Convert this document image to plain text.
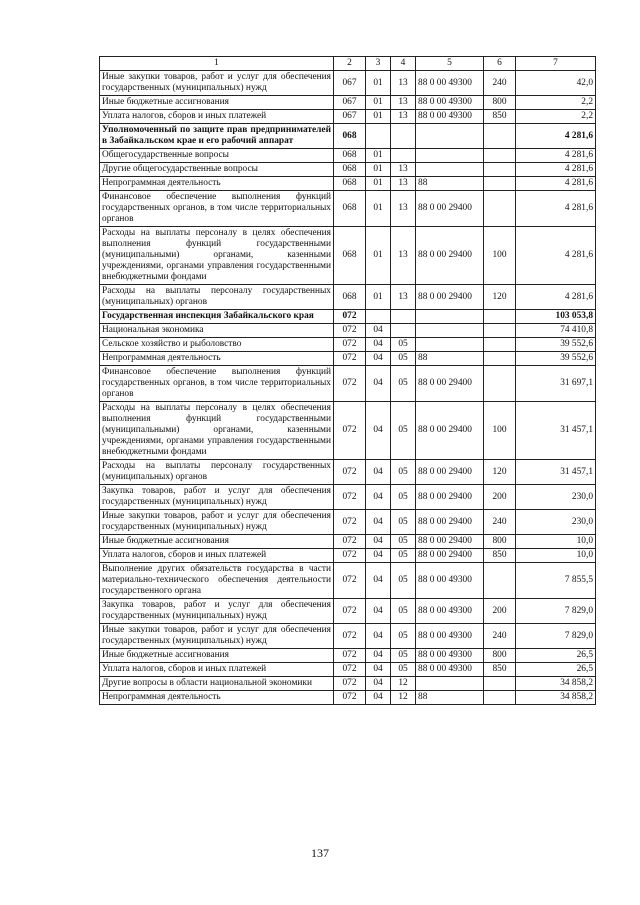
1	2	3	4	5	6	7
Иные закупки товаров, работ и услуг для обеспечения государственных (муниципальных) нужд	067	01	13	88 0 00 49300	240	42,0
Иные бюджетные ассигнования	067	01	13	88 0 00 49300	800	2,2
Уплата налогов, сборов и иных платежей	067	01	13	88 0 00 49300	850	2,2
Уполномоченный по защите прав предпринимателей в Забайкальском крае и его рабочий аппарат	068					4 281,6
Общегосударственные вопросы	068	01				4 281,6
Другие общегосударственные вопросы	068	01	13			4 281,6
Непрограммная деятельность	068	01	13	88		4 281,6
Финансовое обеспечение выполнения функций государственных органов, в том числе территориальных органов	068	01	13	88 0 00 29400		4 281,6
Расходы на выплаты персоналу в целях обеспечения выполнения функций государственными (муниципальными) органами, казенными учреждениями, органами управления государственными внебюджетными фондами	068	01	13	88 0 00 29400	100	4 281,6
Расходы на выплаты персоналу государственных (муниципальных) органов	068	01	13	88 0 00 29400	120	4 281,6
Государственная инспекция Забайкальского края	072					103 053,8
Национальная экономика	072	04				74 410,8
Сельское хозяйство и рыболовство	072	04	05			39 552,6
Непрограммная деятельность	072	04	05	88		39 552,6
Финансовое обеспечение выполнения функций государственных органов, в том числе территориальных органов	072	04	05	88 0 00 29400		31 697,1
Расходы на выплаты персоналу в целях обеспечения выполнения функций государственными (муниципальными) органами, казенными учреждениями, органами управления государственными внебюджетными фондами	072	04	05	88 0 00 29400	100	31 457,1
Расходы на выплаты персоналу государственных (муниципальных) органов	072	04	05	88 0 00 29400	120	31 457,1
Закупка товаров, работ и услуг для обеспечения государственных (муниципальных) нужд	072	04	05	88 0 00 29400	200	230,0
Иные закупки товаров, работ и услуг для обеспечения государственных (муниципальных) нужд	072	04	05	88 0 00 29400	240	230,0
Иные бюджетные ассигнования	072	04	05	88 0 00 29400	800	10,0
Уплата налогов, сборов и иных платежей	072	04	05	88 0 00 29400	850	10,0
Выполнение других обязательств государства в части материально-технического обеспечения деятельности государственного органа	072	04	05	88 0 00 49300		7 855,5
Закупка товаров, работ и услуг для обеспечения государственных (муниципальных) нужд	072	04	05	88 0 00 49300	200	7 829,0
Иные закупки товаров, работ и услуг для обеспечения государственных (муниципальных) нужд	072	04	05	88 0 00 49300	240	7 829,0
Иные бюджетные ассигнования	072	04	05	88 0 00 49300	800	26,5
Уплата налогов, сборов и иных платежей	072	04	05	88 0 00 49300	850	26,5
Другие вопросы в области национальной экономики	072	04	12			34 858,2
Непрограммная деятельность	072	04	12	88		34 858,2
137
